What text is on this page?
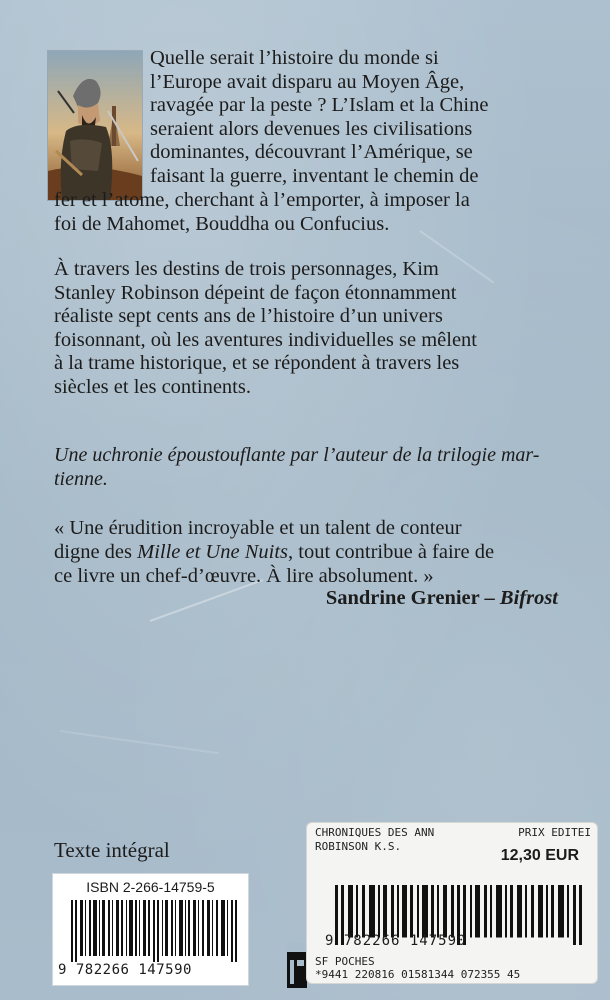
Quelle serait l’histoire du monde si
l’Europe avait disparu au Moyen Âge,
ravagée par la peste ? L’Islam et la Chine
seraient alors devenues les civilisations
dominantes, découvrant l’Amérique, se
faisant la guerre, inventant le chemin de
fer et l’atome, cherchant à l’emporter, à imposer la
foi de Mahomet, Bouddha ou Confucius.
À travers les destins de trois personnages, Kim
Stanley Robinson dépeint de façon étonnamment
réaliste sept cents ans de l’histoire d’un univers
foisonnant, où les aventures individuelles se mêlent
à la trame historique, et se répondent à travers les
siècles et les continents.
Une uchronie époustouflante par l’auteur de la trilogie mar-
tienne.
« Une érudition incroyable et un talent de conteur
digne des Mille et Une Nuits, tout contribue à faire de
ce livre un chef-d’œuvre. À lire absolument. »
Sandrine Grenier – Bifrost
Texte intégral
ISBN 2-266-14759-5
9 782266 147590
CHRONIQUES DES ANN
ROBINSON K.S.
PRIX EDITEI
12,30 EUR
9 782266 147590
SF POCHES
*9441 220816 01581344 072355 45
